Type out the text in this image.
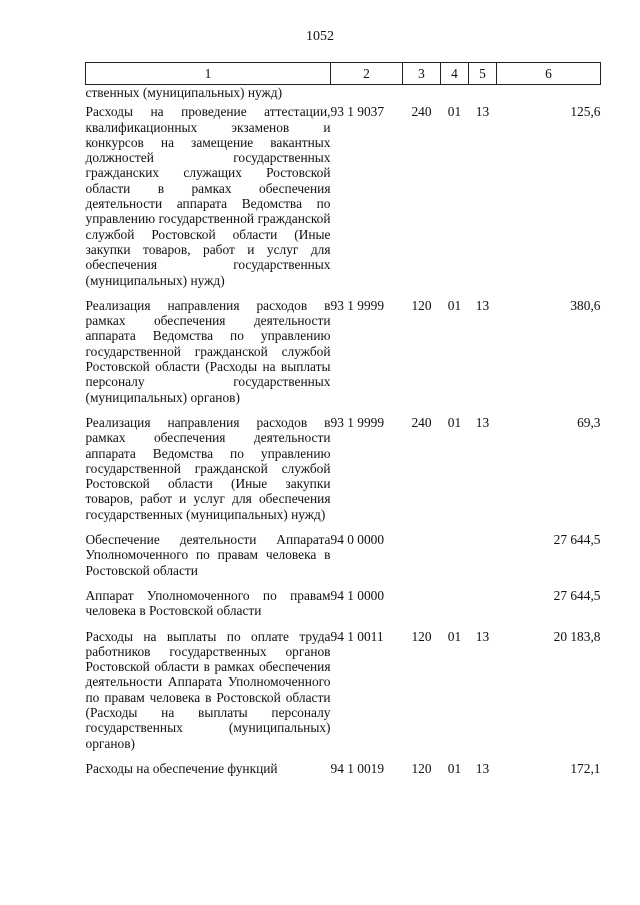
1052
1	2	3	4	5	6
ственных (муниципальных) нужд)					
Расходы на проведение аттестации, квалификационных экзаменов и конкурсов на замещение вакантных должностей государственных гражданских служащих Ростовской области в рамках обеспечения деятельности аппарата Ведомства по управлению государственной гражданской службой Ростовской области (Иные закупки товаров, работ и услуг для обеспечения государственных (муниципальных) нужд)	93 1 9037	240	01	13	125,6
Реализация направления расходов в рамках обеспечения деятельности аппарата Ведомства по управлению государственной гражданской службой Ростовской области (Расходы на выплаты персоналу государственных (муниципальных) органов)	93 1 9999	120	01	13	380,6
Реализация направления расходов в рамках обеспечения деятельности аппарата Ведомства по управлению государственной гражданской службой Ростовской области (Иные закупки товаров, работ и услуг для обеспечения государственных (муниципальных) нужд)	93 1 9999	240	01	13	69,3
Обеспечение деятельности Аппарата Уполномоченного по правам человека в Ростовской области	94 0 0000				27 644,5
Аппарат Уполномоченного по правам человека в Ростовской области	94 1 0000				27 644,5
Расходы на выплаты по оплате труда работников государственных органов Ростовской области в рамках обеспечения деятельности Аппарата Уполномоченного по правам человека в Ростовской области (Расходы на выплаты персоналу государственных (муниципальных) органов)	94 1 0011	120	01	13	20 183,8
Расходы на обеспечение функций	94 1 0019	120	01	13	172,1
